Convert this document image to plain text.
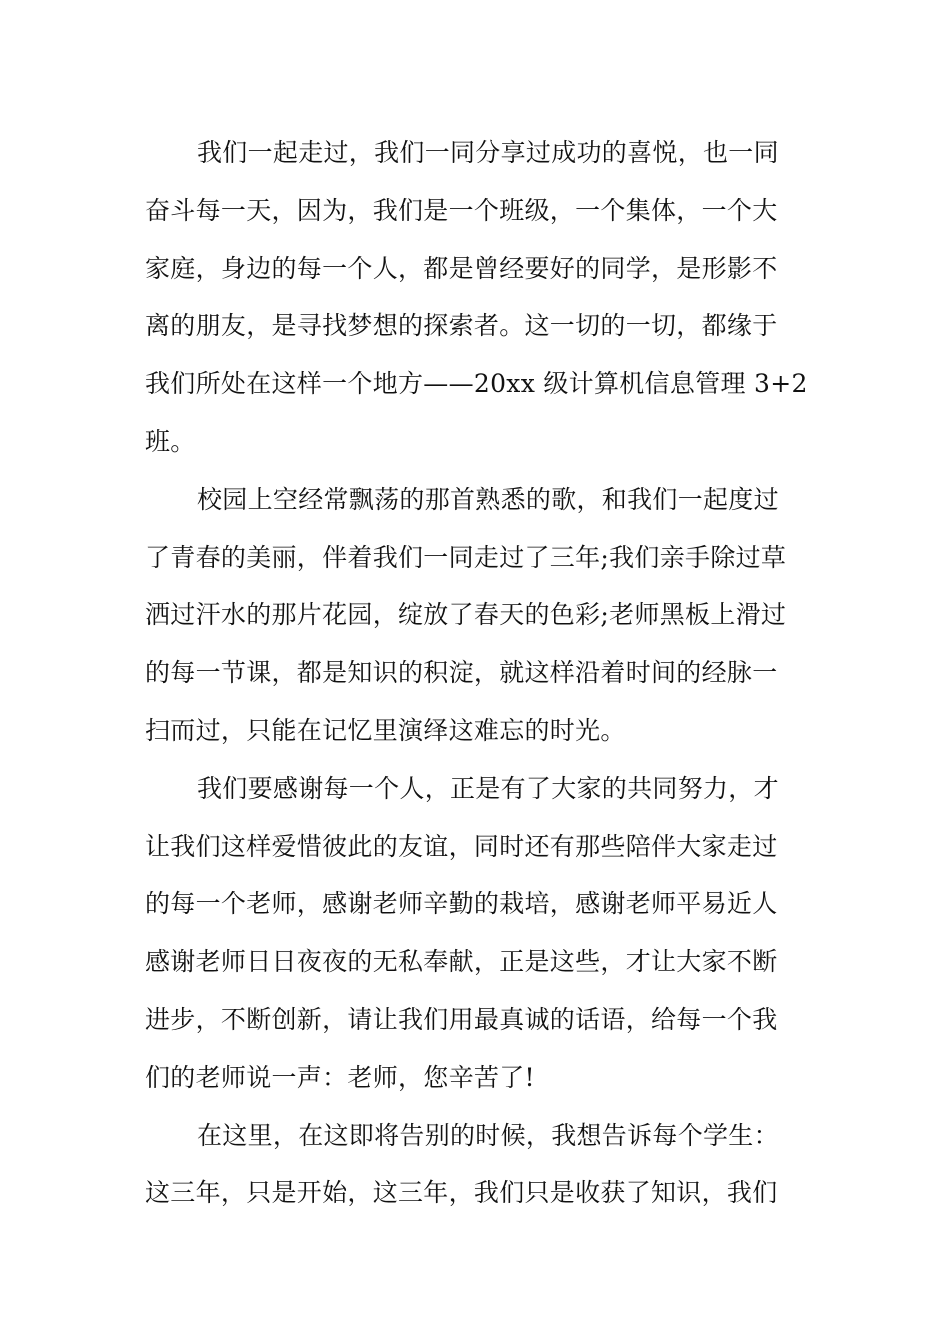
我们一起走过，我们一同分享过成功的喜悦，也一同
奋斗每一天，因为，我们是一个班级，一个集体，一个大
家庭，身边的每一个人，都是曾经要好的同学，是形影不
离的朋友，是寻找梦想的探索者。这一切的一切，都缘于
我们所处在这样一个地方——20xx 级计算机信息管理 3+2
班。
校园上空经常飘荡的那首熟悉的歌，和我们一起度过
了青春的美丽，伴着我们一同走过了三年;我们亲手除过草
洒过汗水的那片花园，绽放了春天的色彩;老师黑板上滑过
的每一节课，都是知识的积淀，就这样沿着时间的经脉一
扫而过，只能在记忆里演绎这难忘的时光。
我们要感谢每一个人，正是有了大家的共同努力，才
让我们这样爱惜彼此的友谊，同时还有那些陪伴大家走过
的每一个老师，感谢老师辛勤的栽培，感谢老师平易近人
感谢老师日日夜夜的无私奉献，正是这些，才让大家不断
进步，不断创新，请让我们用最真诚的话语，给每一个我
们的老师说一声：老师，您辛苦了!
在这里，在这即将告别的时候，我想告诉每个学生：
这三年，只是开始，这三年，我们只是收获了知识，我们
